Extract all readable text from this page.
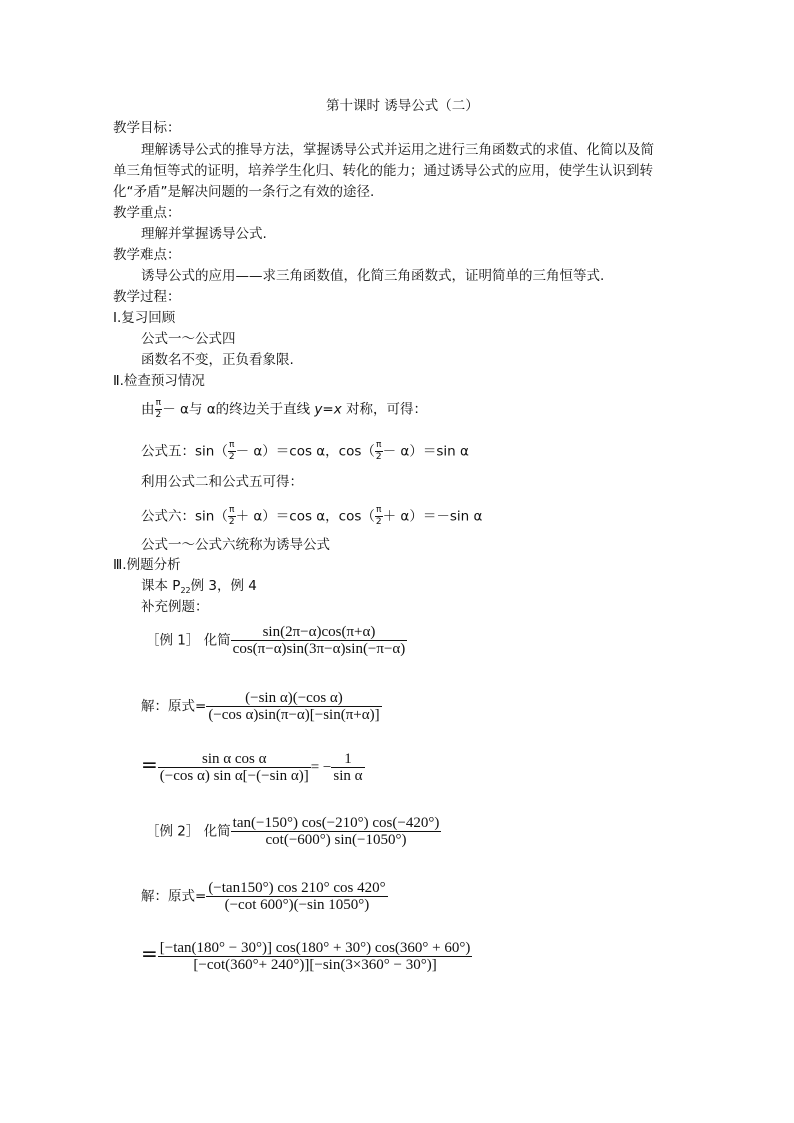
第十课时 诱导公式（二）
教学目标：
理解诱导公式的推导方法，掌握诱导公式并运用之进行三角函数式的求值、化简以及简
单三角恒等式的证明，培养学生化归、转化的能力；通过诱导公式的应用，使学生认识到转
化“矛盾”是解决问题的一条行之有效的途径.
教学重点：
理解并掌握诱导公式.
教学难点：
诱导公式的应用——求三角函数值，化简三角函数式，证明简单的三角恒等式.
教学过程：
Ⅰ.复习回顾
公式一～公式四
函数名不变，正负看象限.
Ⅱ.检查预习情况
由 $\frac{\pi}{2} - \alpha$与 α的终边关于直线 y=x 对称，可得：
公式五：$\sin( \frac{\pi}{2} - \alpha)=\cos$ α，$\cos( \frac{\pi}{2} - \alpha)=\sin$ α
利用公式二和公式五可得：
公式六：$\sin( \frac{\pi}{2} + \alpha)=\cos$ α，$\cos( \frac{\pi}{2} + \alpha)=-\sin$ α
公式一～公式六统称为诱导公式
Ⅲ.例题分析
课本 $P_{22}$例 3，例 4
补充例题：
［例 1］ 化简 $\frac{\sin(2\pi-\alpha)\cos(\pi+\alpha)}{\cos(\pi-\alpha)\sin(3\pi-\alpha)\sin(-\pi-\alpha)}$
解：原式= $\frac{\text{(−sin α)(−cos α)}}{\text{(−cos α)sin(π−α)[−sin(π+α)]}}$
= $\frac{\text{sin α cos α}}{\text{(−cos α) sin α[−(−sin α)]}}$ = − $\frac{1}{\text{sin α}}$
［例 2］ 化简 $\frac{\tan(-150^\circ) \cos(-210^\circ) \cos(-420^\circ)}{\cot(-600^\circ) \sin(-1050^\circ)}$
解：原式= $\frac{(-\tan 150^\circ) \cos 210^\circ \cos 420^\circ}{(-\cot 600^\circ)(-\sin 1050^\circ)}$
= $\frac{[-\tan(180^\circ - 30^\circ)] \cos(180^\circ + 30^\circ) \cos(360^\circ + 60^\circ)}{[-\cot(360^\circ+ 240^\circ)][-\sin(3\times 360^\circ - 30^\circ)]}$
